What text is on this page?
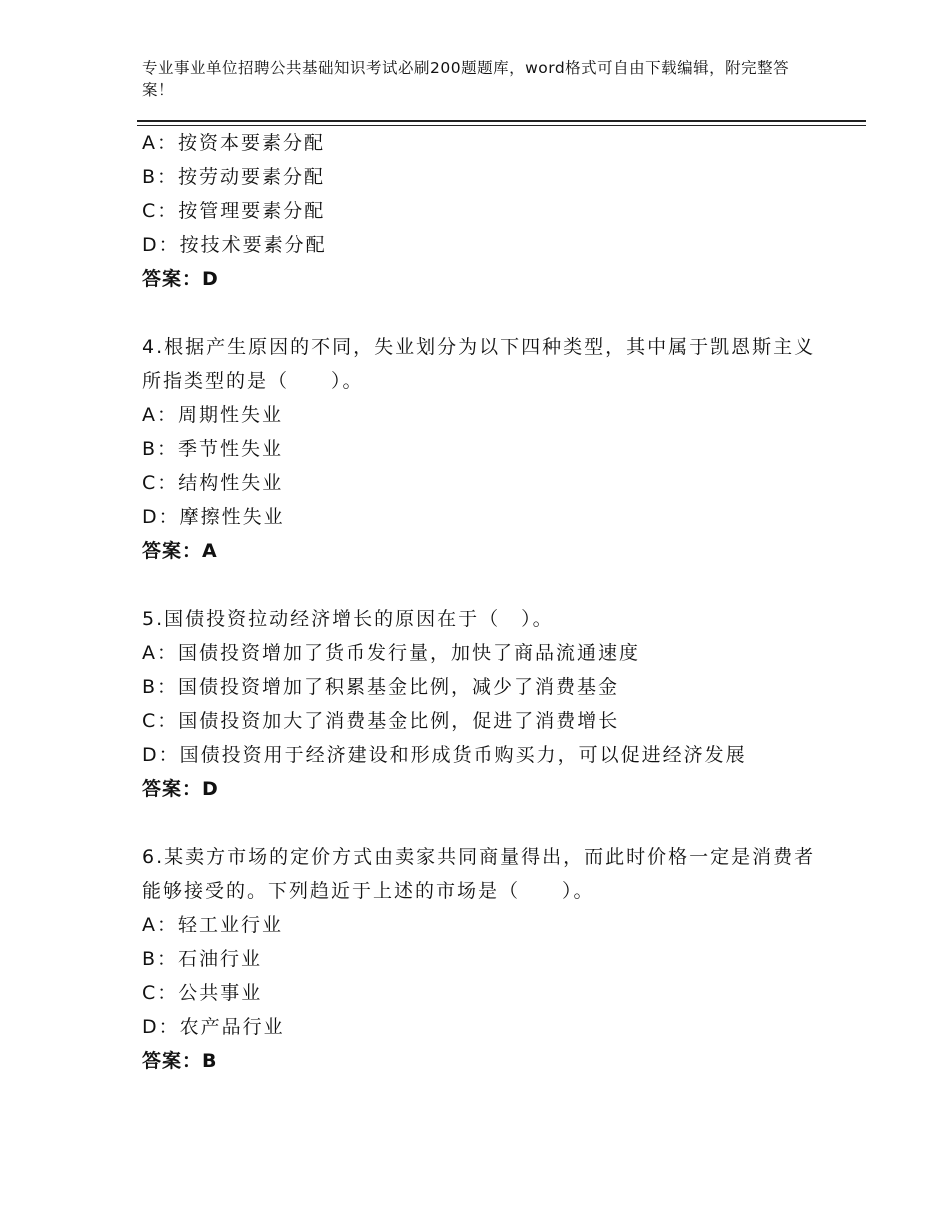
专业事业单位招聘公共基础知识考试必刷200题题库，word格式可自由下载编辑，附完整答案！
A：按资本要素分配
B：按劳动要素分配
C：按管理要素分配
D：按技术要素分配
答案：D
4.根据产生原因的不同，失业划分为以下四种类型，其中属于凯恩斯主义所指类型的是（　　）。
A：周期性失业
B：季节性失业
C：结构性失业
D：摩擦性失业
答案：A
5.国债投资拉动经济增长的原因在于（　）。
A：国债投资增加了货币发行量，加快了商品流通速度
B：国债投资增加了积累基金比例，减少了消费基金
C：国债投资加大了消费基金比例，促进了消费增长
D：国债投资用于经济建设和形成货币购买力，可以促进经济发展
答案：D
6.某卖方市场的定价方式由卖家共同商量得出，而此时价格一定是消费者能够接受的。下列趋近于上述的市场是（　　）。
A：轻工业行业
B：石油行业
C：公共事业
D：农产品行业
答案：B
